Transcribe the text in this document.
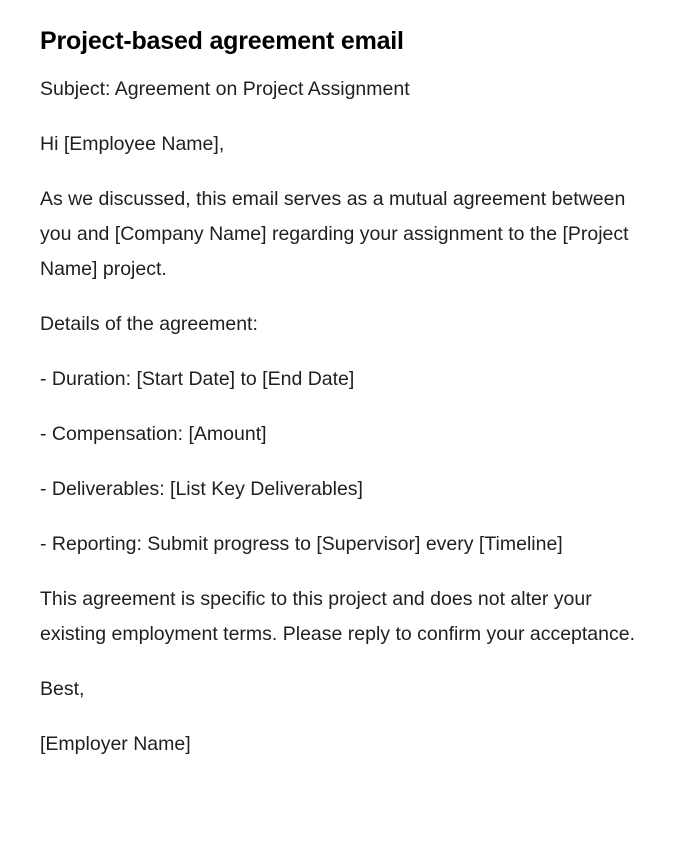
Project-based agreement email

Subject: Agreement on Project Assignment

Hi [Employee Name],

As we discussed, this email serves as a mutual agreement between you and [Company Name] regarding your assignment to the [Project Name] project.

Details of the agreement:

- Duration: [Start Date] to [End Date]

- Compensation: [Amount]

- Deliverables: [List Key Deliverables]

- Reporting: Submit progress to [Supervisor] every [Timeline]

This agreement is specific to this project and does not alter your existing employment terms. Please reply to confirm your acceptance.

Best,

[Employer Name]
